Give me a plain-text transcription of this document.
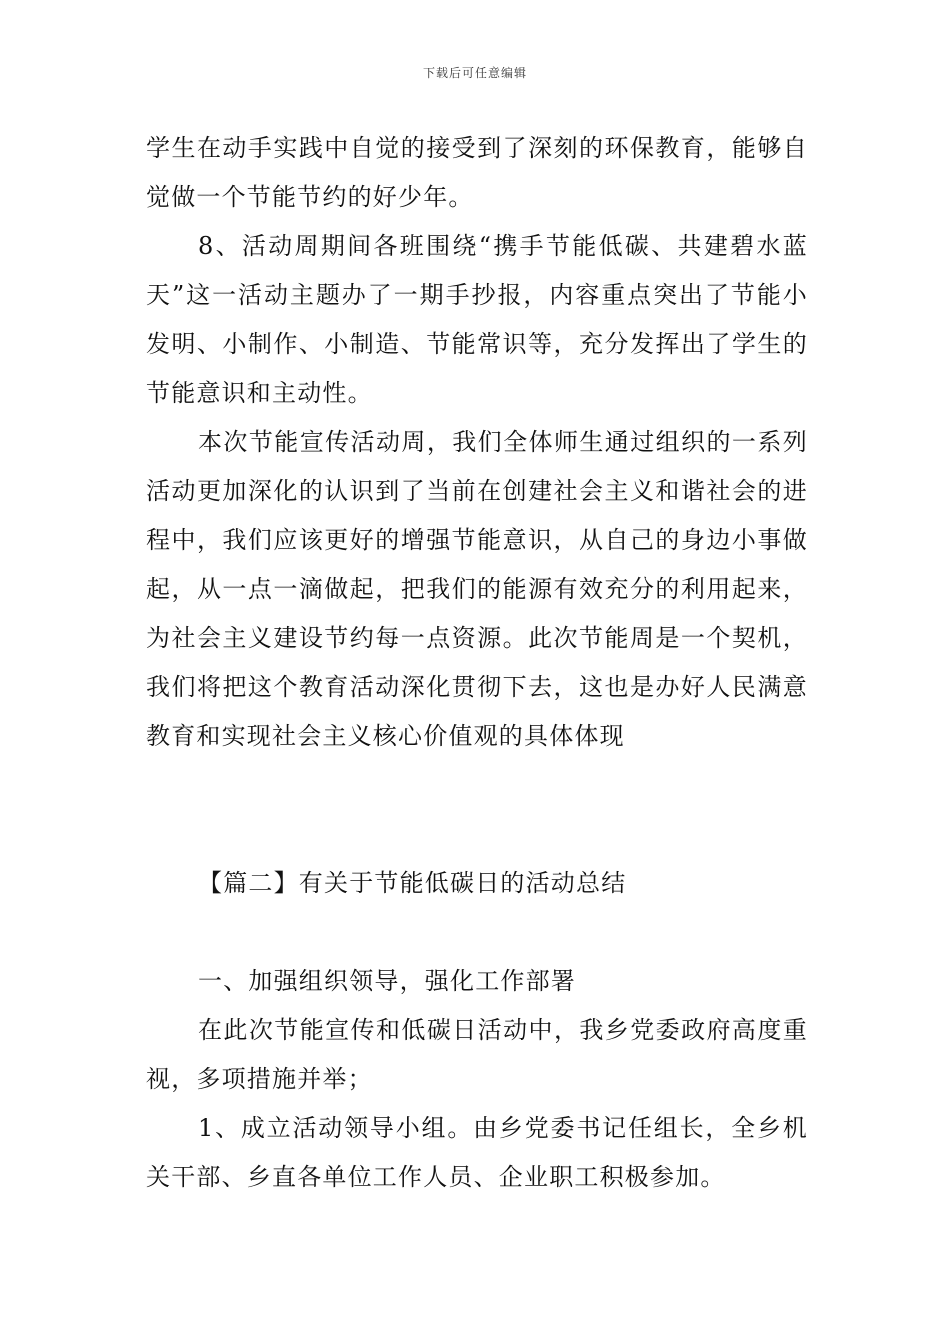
下载后可任意编辑

学生在动手实践中自觉的接受到了深刻的环保教育，能够自觉做一个节能节约的好少年。

8、活动周期间各班围绕“携手节能低碳、共建碧水蓝天”这一活动主题办了一期手抄报，内容重点突出了节能小发明、小制作、小制造、节能常识等，充分发挥出了学生的节能意识和主动性。

本次节能宣传活动周，我们全体师生通过组织的一系列活动更加深化的认识到了当前在创建社会主义和谐社会的进程中，我们应该更好的增强节能意识，从自己的身边小事做起，从一点一滴做起，把我们的能源有效充分的利用起来，为社会主义建设节约每一点资源。此次节能周是一个契机，我们将把这个教育活动深化贯彻下去，这也是办好人民满意教育和实现社会主义核心价值观的具体体现

【篇二】有关于节能低碳日的活动总结

一、加强组织领导，强化工作部署

在此次节能宣传和低碳日活动中，我乡党委政府高度重视，多项措施并举；

1、成立活动领导小组。由乡党委书记任组长，全乡机关干部、乡直各单位工作人员、企业职工积极参加。
